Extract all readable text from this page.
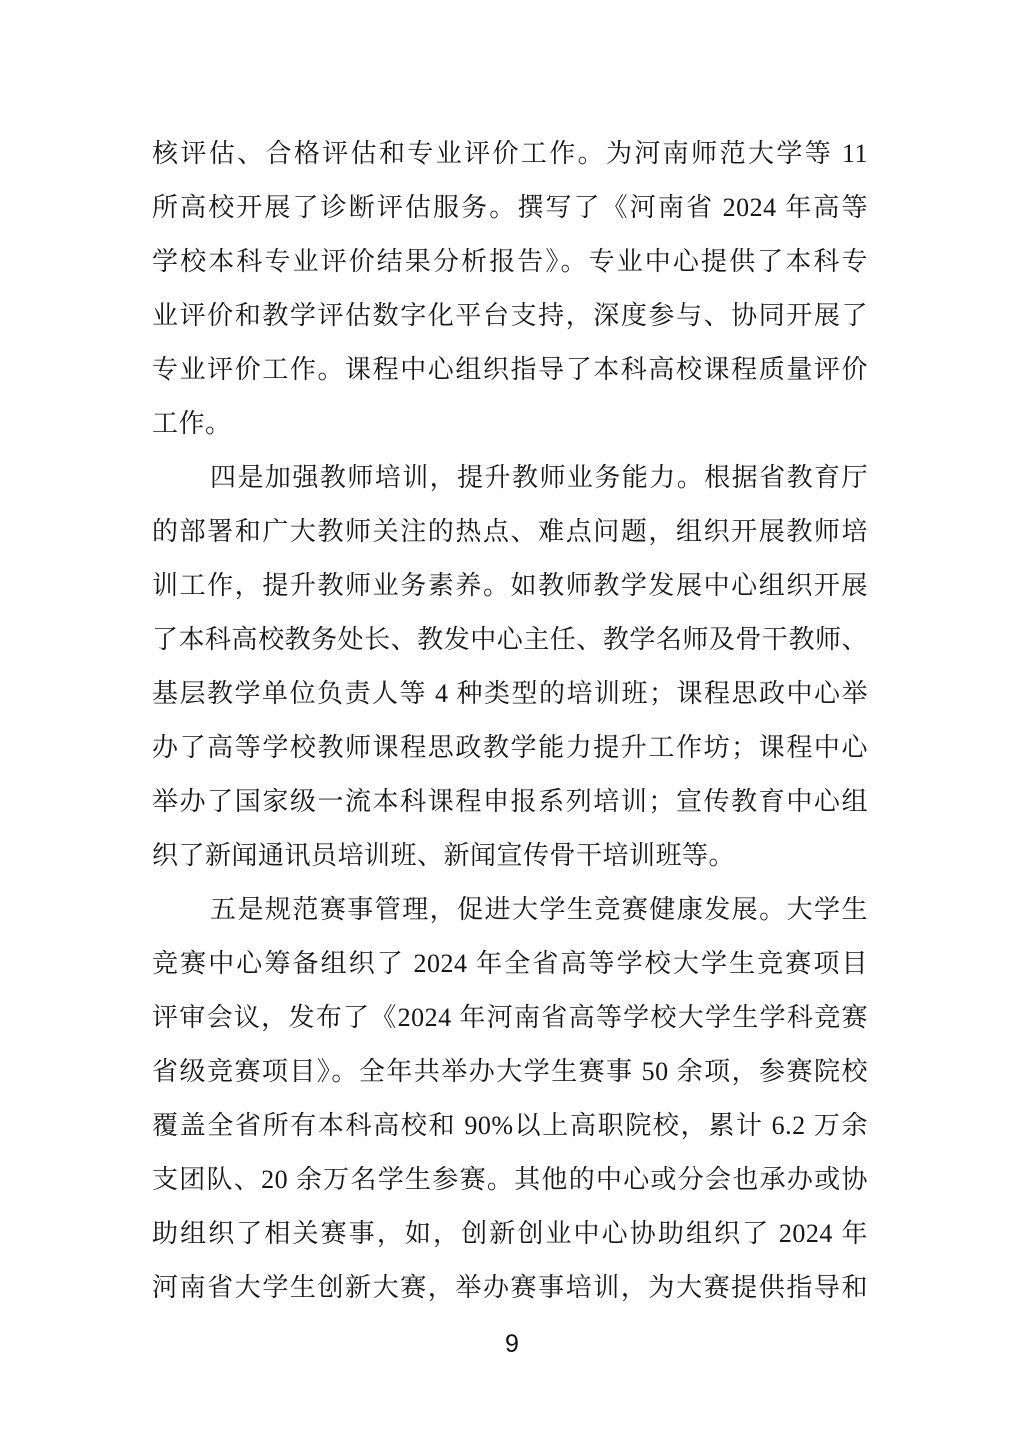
核评估、合格评估和专业评价工作。为河南师范大学等 11
所高校开展了诊断评估服务。撰写了《河南省 2024 年高等
学校本科专业评价结果分析报告》。专业中心提供了本科专
业评价和教学评估数字化平台支持，深度参与、协同开展了
专业评价工作。课程中心组织指导了本科高校课程质量评价
工作。
四是加强教师培训，提升教师业务能力。根据省教育厅
的部署和广大教师关注的热点、难点问题，组织开展教师培
训工作，提升教师业务素养。如教师教学发展中心组织开展
了本科高校教务处长、教发中心主任、教学名师及骨干教师、
基层教学单位负责人等 4 种类型的培训班；课程思政中心举
办了高等学校教师课程思政教学能力提升工作坊；课程中心
举办了国家级一流本科课程申报系列培训；宣传教育中心组
织了新闻通讯员培训班、新闻宣传骨干培训班等。
五是规范赛事管理，促进大学生竞赛健康发展。大学生
竞赛中心筹备组织了 2024 年全省高等学校大学生竞赛项目
评审会议，发布了《2024 年河南省高等学校大学生学科竞赛
省级竞赛项目》。全年共举办大学生赛事 50 余项，参赛院校
覆盖全省所有本科高校和 90%以上高职院校，累计 6.2 万余
支团队、20 余万名学生参赛。其他的中心或分会也承办或协
助组织了相关赛事，如，创新创业中心协助组织了 2024 年
河南省大学生创新大赛，举办赛事培训，为大赛提供指导和
9
